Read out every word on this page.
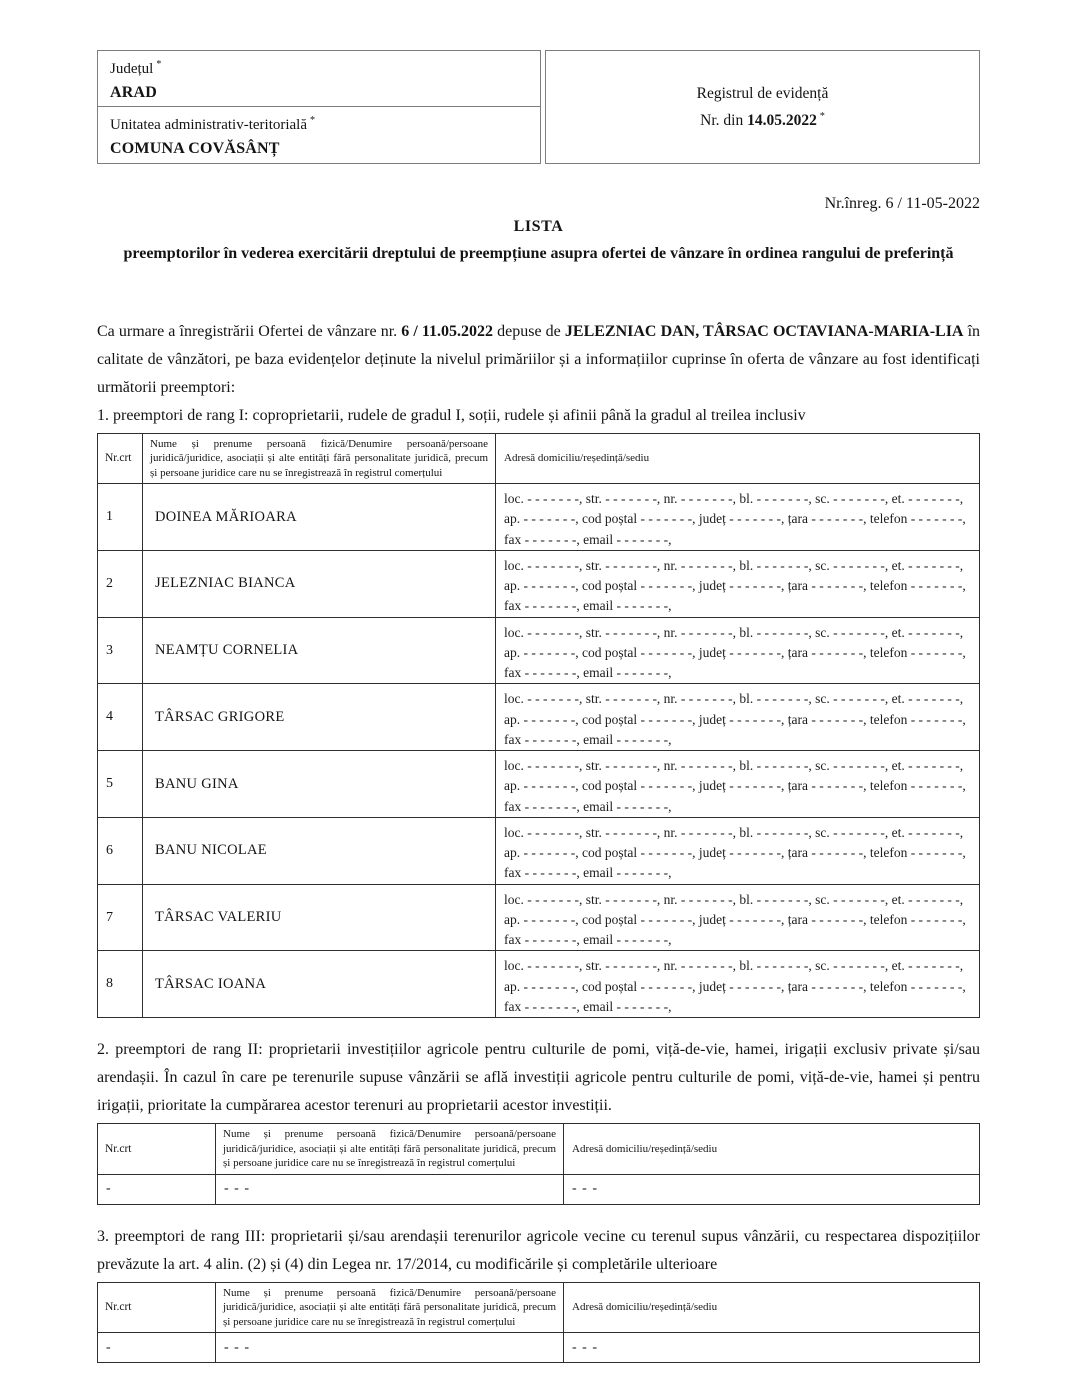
Județul *
ARAD
Unitatea administrativ-teritorială *
COMUNA COVĂSÂNȚ
Registrul de evidență
Nr. din 14.05.2022 *
Nr.înreg. 6 / 11-05-2022
LISTA
preemptorilor în vederea exercitării dreptului de preempțiune asupra ofertei de vânzare în ordinea rangului de preferință

Ca urmare a înregistrării Ofertei de vânzare nr. 6 / 11.05.2022 depuse de JELEZNIAC DAN, TÂRSAC OCTAVIANA-MARIA-LIA în calitate de vânzători, pe baza evidențelor deținute la nivelul primăriilor și a informațiilor cuprinse în oferta de vânzare au fost identificați următorii preemptori:

1. preemptori de rang I: coproprietarii, rudele de gradul I, soții, rudele și afinii până la gradul al treilea inclusiv

Nr.crt	Nume și prenume persoană fizică/Denumire persoană/persoane juridică/juridice, asociații și alte entități fără personalitate juridică, precum și persoane juridice care nu se înregistrează în registrul comerțului	Adresă domiciliu/reședință/sediu
1	DOINEA MĂRIOARA	loc. - - - - - - -, str. - - - - - - -, nr. - - - - - - -, bl. - - - - - - -, sc. - - - - - - -, et. - - - - - - -, ap. - - - - - - -, cod poștal - - - - - - -, județ - - - - - - -, țara - - - - - - -, telefon - - - - - - -, fax - - - - - - -, email - - - - - - -,
2	JELEZNIAC BIANCA	loc. - - - - - - -, str. - - - - - - -, nr. - - - - - - -, bl. - - - - - - -, sc. - - - - - - -, et. - - - - - - -, ap. - - - - - - -, cod poștal - - - - - - -, județ - - - - - - -, țara - - - - - - -, telefon - - - - - - -, fax - - - - - - -, email - - - - - - -,
3	NEAMȚU CORNELIA	loc. - - - - - - -, str. - - - - - - -, nr. - - - - - - -, bl. - - - - - - -, sc. - - - - - - -, et. - - - - - - -, ap. - - - - - - -, cod poștal - - - - - - -, județ - - - - - - -, țara - - - - - - -, telefon - - - - - - -, fax - - - - - - -, email - - - - - - -,
4	TÂRSAC GRIGORE	loc. - - - - - - -, str. - - - - - - -, nr. - - - - - - -, bl. - - - - - - -, sc. - - - - - - -, et. - - - - - - -, ap. - - - - - - -, cod poștal - - - - - - -, județ - - - - - - -, țara - - - - - - -, telefon - - - - - - -, fax - - - - - - -, email - - - - - - -,
5	BANU GINA	loc. - - - - - - -, str. - - - - - - -, nr. - - - - - - -, bl. - - - - - - -, sc. - - - - - - -, et. - - - - - - -, ap. - - - - - - -, cod poștal - - - - - - -, județ - - - - - - -, țara - - - - - - -, telefon - - - - - - -, fax - - - - - - -, email - - - - - - -,
6	BANU NICOLAE	loc. - - - - - - -, str. - - - - - - -, nr. - - - - - - -, bl. - - - - - - -, sc. - - - - - - -, et. - - - - - - -, ap. - - - - - - -, cod poștal - - - - - - -, județ - - - - - - -, țara - - - - - - -, telefon - - - - - - -, fax - - - - - - -, email - - - - - - -,
7	TÂRSAC VALERIU	loc. - - - - - - -, str. - - - - - - -, nr. - - - - - - -, bl. - - - - - - -, sc. - - - - - - -, et. - - - - - - -, ap. - - - - - - -, cod poștal - - - - - - -, județ - - - - - - -, țara - - - - - - -, telefon - - - - - - -, fax - - - - - - -, email - - - - - - -,
8	TÂRSAC IOANA	loc. - - - - - - -, str. - - - - - - -, nr. - - - - - - -, bl. - - - - - - -, sc. - - - - - - -, et. - - - - - - -, ap. - - - - - - -, cod poștal - - - - - - -, județ - - - - - - -, țara - - - - - - -, telefon - - - - - - -, fax - - - - - - -, email - - - - - - -,

2. preemptori de rang II: proprietarii investițiilor agricole pentru culturile de pomi, viță-de-vie, hamei, irigații exclusiv private și/sau arendașii. În cazul în care pe terenurile supuse vânzării se află investiții agricole pentru culturile de pomi, viță-de-vie, hamei și pentru irigații, prioritate la cumpărarea acestor terenuri au proprietarii acestor investiții.

Nr.crt	Nume și prenume persoană fizică/Denumire persoană/persoane juridică/juridice, asociații și alte entități fără personalitate juridică, precum și persoane juridice care nu se înregistrează în registrul comerțului	Adresă domiciliu/reședință/sediu
-	- - -	- - -

3. preemptori de rang III: proprietarii și/sau arendașii terenurilor agricole vecine cu terenul supus vânzării, cu respectarea dispozițiilor prevăzute la art. 4 alin. (2) și (4) din Legea nr. 17/2014, cu modificările și completările ulterioare

Nr.crt	Nume și prenume persoană fizică/Denumire persoană/persoane juridică/juridice, asociații și alte entități fără personalitate juridică, precum și persoane juridice care nu se înregistrează în registrul comerțului	Adresă domiciliu/reședință/sediu
-	- - -	- - -
